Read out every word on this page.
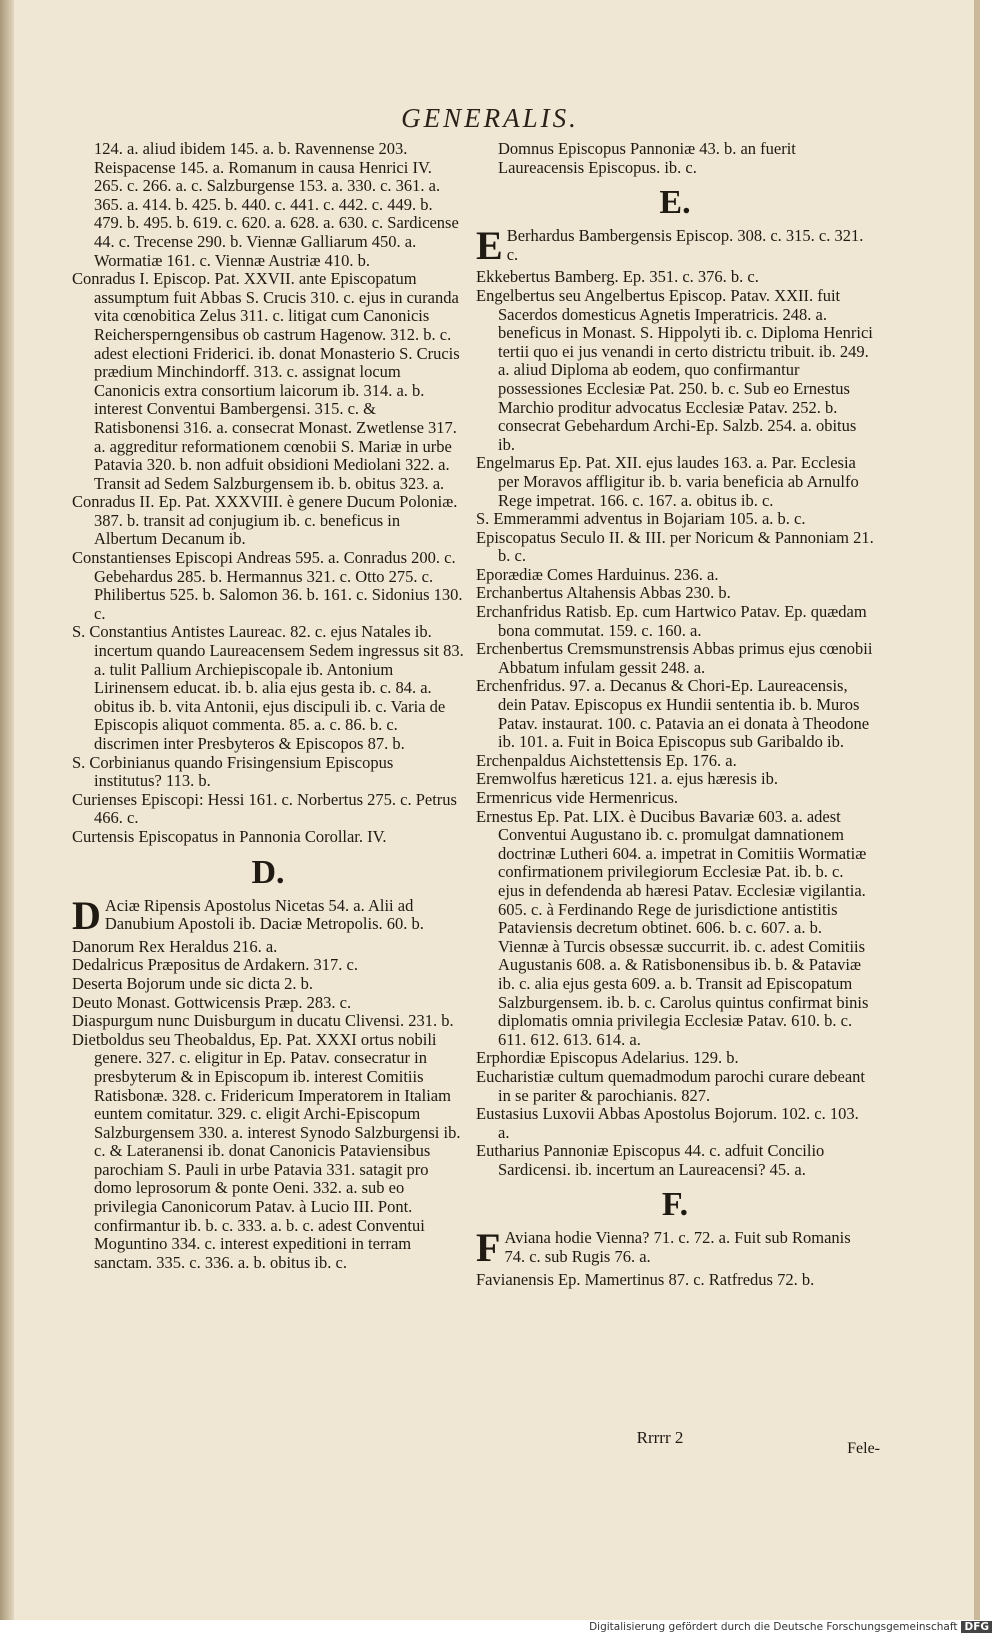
GENERALIS.

124. a. aliud ibidem 145. a. b. Ravennense 203. Reispacense 145. a. Romanum in causa Henrici IV. 265. c. 266. a. c. Salzburgense 153. a. 330. c. 361. a. 365. a. 414. b. 425. b. 440. c. 441. c. 442. c. 449. b. 479. b. 495. b. 619. c. 620. a. 628. a. 630. c. Sardicense 44. c. Trecense 290. b. Viennæ Galliarum 450. a. Wormatiæ 161. c. Viennæ Austriæ 410. b.

Conradus I. Episcop. Pat. XXVII. ante Episcopatum assumptum fuit Abbas S. Crucis 310. c. ejus in curanda vita cœnobitica Zelus 311. c. litigat cum Canonicis Reichersperngensibus ob castrum Hagenow. 312. b. c. adest electioni Friderici. ib. donat Monasterio S. Crucis prædium Minchindorff. 313. c. assignat locum Canonicis extra consortium laicorum ib. 314. a. b. interest Conventui Bambergensi. 315. c. & Ratisbonensi 316. a. consecrat Monast. Zwetlense 317. a. aggreditur reformationem cœnobii S. Mariæ in urbe Patavia 320. b. non adfuit obsidioni Mediolani 322. a. Transit ad Sedem Salzburgensem ib. b. obitus 323. a.

Conradus II. Ep. Pat. XXXVIII. è genere Ducum Poloniæ. 387. b. transit ad conjugium ib. c. beneficus in Albertum Decanum ib.

Constantienses Episcopi Andreas 595. a. Conradus 200. c. Gebehardus 285. b. Hermannus 321. c. Otto 275. c. Philibertus 525. b. Salomon 36. b. 161. c. Sidonius 130. c.

S. Constantius Antistes Laureac. 82. c. ejus Natales ib. incertum quando Laureacensem Sedem ingressus sit 83. a. tulit Pallium Archiepiscopale ib. Antonium Lirinensem educat. ib. b. alia ejus gesta ib. c. 84. a. obitus ib. b. vita Antonii, ejus discipuli ib. c. Varia de Episcopis aliquot commenta. 85. a. c. 86. b. c. discrimen inter Presbyteros & Episcopos 87. b.

S. Corbinianus quando Frisingensium Episcopus institutus? 113. b.

Curienses Episcopi: Hessi 161. c. Norbertus 275. c. Petrus 466. c.

Curtensis Episcopatus in Pannonia Corollar. IV.

D.

D Aciæ Ripensis Apostolus Nicetas 54. a. Alii ad Danubium Apostoli ib. Daciæ Metropolis. 60. b.

Danorum Rex Heraldus 216. a.

Dedalricus Præpositus de Ardakern. 317. c.

Deserta Bojorum unde sic dicta 2. b.

Deuto Monast. Gottwicensis Præp. 283. c.

Diaspurgum nunc Duisburgum in ducatu Clivensi. 231. b.

Dietboldus seu Theobaldus, Ep. Pat. XXXI ortus nobili genere. 327. c. eligitur in Ep. Patav. consecratur in presbyterum & in Episcopum ib. interest Comitiis Ratisbonæ. 328. c. Fridericum Imperatorem in Italiam euntem comitatur. 329. c. eligit Archi-Episcopum Salzburgensem 330. a. interest Synodo Salzburgensi ib. c. & Lateranensi ib. donat Canonicis Pataviensibus parochiam S. Pauli in urbe Patavia 331. satagit pro domo leprosorum & ponte Oeni. 332. a. sub eo privilegia Canonicorum Patav. à Lucio III. Pont. confirmantur ib. b. c. 333. a. b. c. adest Conventui Moguntino 334. c. interest expeditioni in terram sanctam. 335. c. 336. a. b. obitus ib. c.

Domnus Episcopus Pannoniæ 43. b. an fuerit Laureacensis Episcopus. ib. c.

E.

E Berhardus Bambergensis Episcop. 308. c. 315. c. 321. c.

Ekkebertus Bamberg. Ep. 351. c. 376. b. c.

Engelbertus seu Angelbertus Episcop. Patav. XXII. fuit Sacerdos domesticus Agnetis Imperatricis. 248. a. beneficus in Monast. S. Hippolyti ib. c. Diploma Henrici tertii quo ei jus venandi in certo districtu tribuit. ib. 249. a. aliud Diploma ab eodem, quo confirmantur possessiones Ecclesiæ Pat. 250. b. c. Sub eo Ernestus Marchio proditur advocatus Ecclesiæ Patav. 252. b. consecrat Gebehardum Archi-Ep. Salzb. 254. a. obitus ib.

Engelmarus Ep. Pat. XII. ejus laudes 163. a. Par. Ecclesia per Moravos affligitur ib. b. varia beneficia ab Arnulfo Rege impetrat. 166. c. 167. a. obitus ib. c.

S. Emmerammi adventus in Bojariam 105. a. b. c.

Episcopatus Seculo II. & III. per Noricum & Pannoniam 21. b. c.

Eporædiæ Comes Harduinus. 236. a.

Erchanbertus Altahensis Abbas 230. b.

Erchanfridus Ratisb. Ep. cum Hartwico Patav. Ep. quædam bona commutat. 159. c. 160. a.

Erchenbertus Cremsmunstrensis Abbas primus ejus cœnobii Abbatum infulam gessit 248. a.

Erchenfridus. 97. a. Decanus & Chori-Ep. Laureacensis, dein Patav. Episcopus ex Hundii sententia ib. b. Muros Patav. instaurat. 100. c. Patavia an ei donata à Theodone ib. 101. a. Fuit in Boica Episcopus sub Garibaldo ib.

Erchenpaldus Aichstettensis Ep. 176. a.

Eremwolfus hæreticus 121. a. ejus hæresis ib.

Ermenricus vide Hermenricus.

Ernestus Ep. Pat. LIX. è Ducibus Bavariæ 603. a. adest Conventui Augustano ib. c. promulgat damnationem doctrinæ Lutheri 604. a. impetrat in Comitiis Wormatiæ confirmationem privilegiorum Ecclesiæ Pat. ib. b. c. ejus in defendenda ab hæresi Patav. Ecclesiæ vigilantia. 605. c. à Ferdinando Rege de jurisdictione antistitis Pataviensis decretum obtinet. 606. b. c. 607. a. b. Viennæ à Turcis obsessæ succurrit. ib. c. adest Comitiis Augustanis 608. a. & Ratisbonensibus ib. b. & Pataviæ ib. c. alia ejus gesta 609. a. b. Transit ad Episcopatum Salzburgensem. ib. b. c. Carolus quintus confirmat binis diplomatis omnia privilegia Ecclesiæ Patav. 610. b. c. 611. 612. 613. 614. a.

Erphordiæ Episcopus Adelarius. 129. b.

Eucharistiæ cultum quemadmodum parochi curare debeant in se pariter & parochianis. 827.

Eustasius Luxovii Abbas Apostolus Bojorum. 102. c. 103. a.

Eutharius Pannoniæ Episcopus 44. c. adfuit Concilio Sardicensi. ib. incertum an Laureacensi? 45. a.

F.

F Aviana hodie Vienna? 71. c. 72. a. Fuit sub Romanis 74. c. sub Rugis 76. a.

Favianensis Ep. Mamertinus 87. c. Ratfredus 72. b.

Rrrrr 2
Fele-
Digitalisierung gefördert durch die Deutsche Forschungsgemeinschaft DFG
